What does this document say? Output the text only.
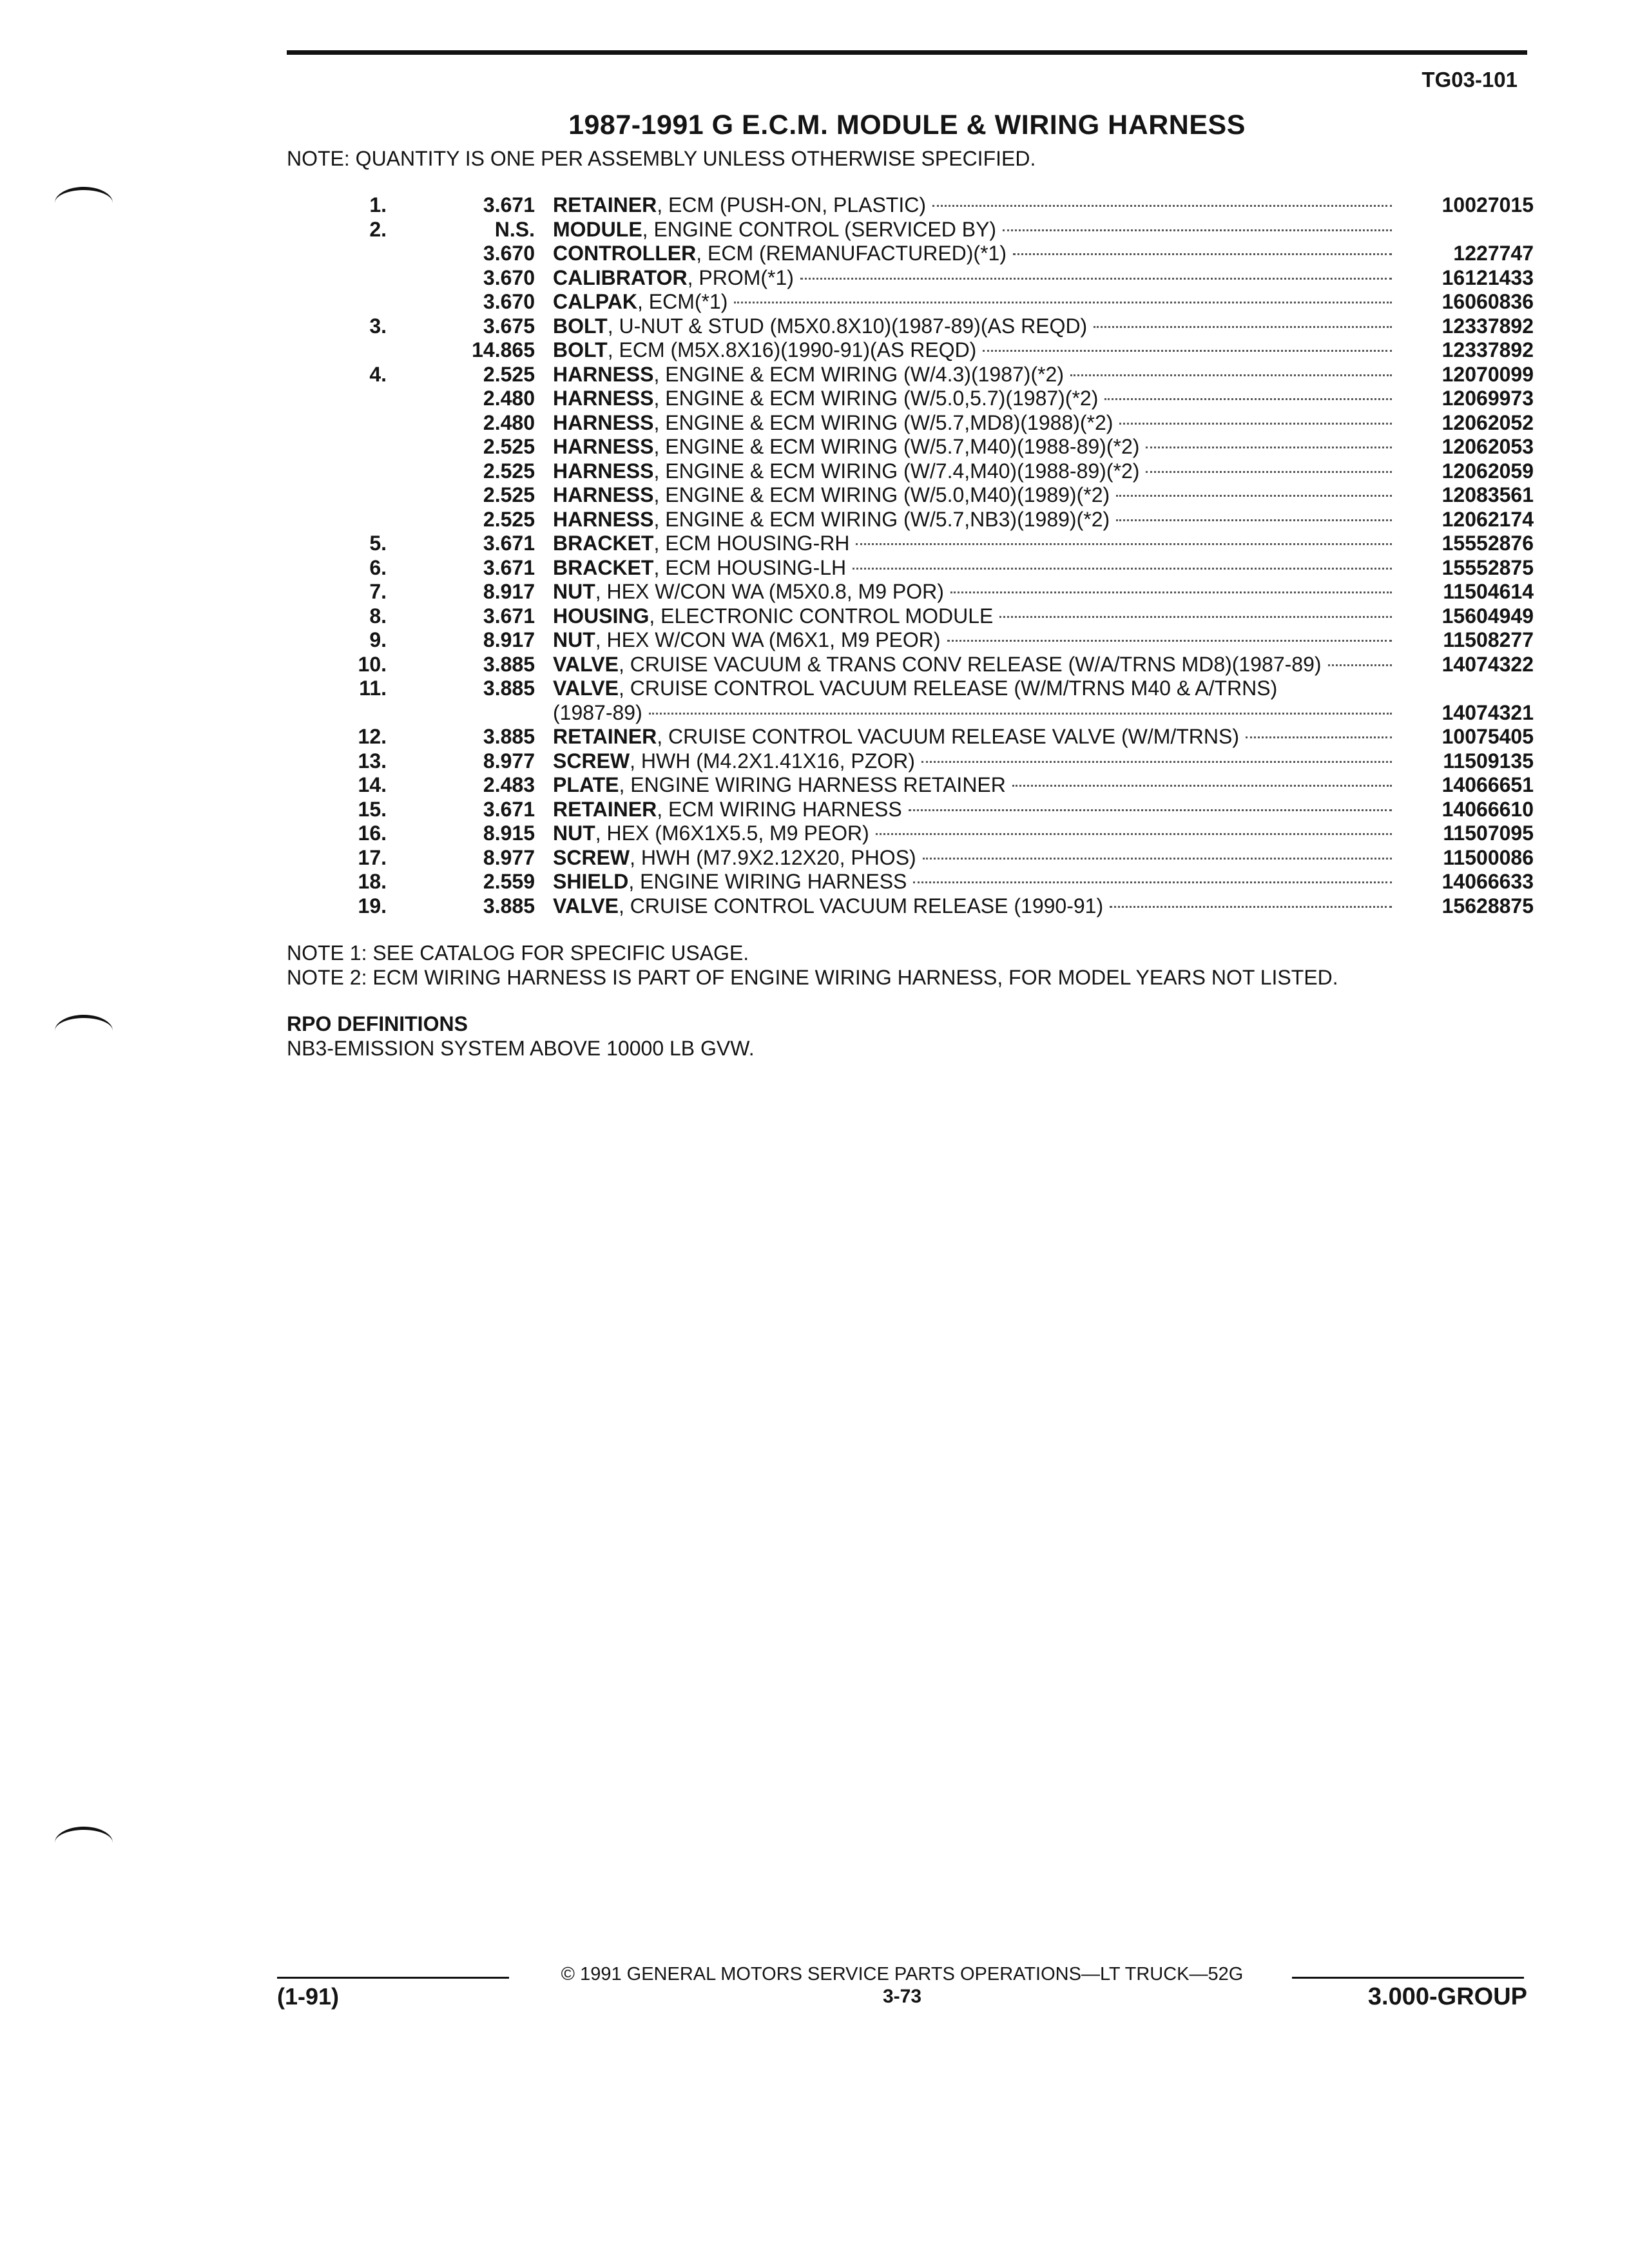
TG03-101
1987-1991 G E.C.M. MODULE & WIRING HARNESS
NOTE: QUANTITY IS ONE PER ASSEMBLY UNLESS OTHERWISE SPECIFIED.
1.	3.671 RETAINER, ECM (PUSH-ON, PLASTIC)	10027015
2.	N.S. MODULE, ENGINE CONTROL (SERVICED BY)
3.670 CONTROLLER, ECM (REMANUFACTURED)(*1)	1227747
3.670 CALIBRATOR, PROM(*1)	16121433
3.670 CALPAK, ECM(*1)	16060836
3.	3.675 BOLT, U-NUT & STUD (M5X0.8X10)(1987-89)(AS REQD)	12337892
14.865 BOLT, ECM (M5X.8X16)(1990-91)(AS REQD)	12337892
4.	2.525 HARNESS, ENGINE & ECM WIRING (W/4.3)(1987)(*2)	12070099
2.480 HARNESS, ENGINE & ECM WIRING (W/5.0,5.7)(1987)(*2)	12069973
2.480 HARNESS, ENGINE & ECM WIRING (W/5.7,MD8)(1988)(*2)	12062052
2.525 HARNESS, ENGINE & ECM WIRING (W/5.7,M40)(1988-89)(*2)	12062053
2.525 HARNESS, ENGINE & ECM WIRING (W/7.4,M40)(1988-89)(*2)	12062059
2.525 HARNESS, ENGINE & ECM WIRING (W/5.0,M40)(1989)(*2)	12083561
2.525 HARNESS, ENGINE & ECM WIRING (W/5.7,NB3)(1989)(*2)	12062174
5.	3.671 BRACKET, ECM HOUSING-RH	15552876
6.	3.671 BRACKET, ECM HOUSING-LH	15552875
7.	8.917 NUT, HEX W/CON WA (M5X0.8, M9 POR)	11504614
8.	3.671 HOUSING, ELECTRONIC CONTROL MODULE	15604949
9.	8.917 NUT, HEX W/CON WA (M6X1, M9 PEOR)	11508277
10.	3.885 VALVE, CRUISE VACUUM & TRANS CONV RELEASE (W/A/TRNS MD8)(1987-89)	14074322
11.	3.885 VALVE, CRUISE CONTROL VACUUM RELEASE (W/M/TRNS M40 & A/TRNS)
(1987-89)	14074321
12.	3.885 RETAINER, CRUISE CONTROL VACUUM RELEASE VALVE (W/M/TRNS)	10075405
13.	8.977 SCREW, HWH (M4.2X1.41X16, PZOR)	11509135
14.	2.483 PLATE, ENGINE WIRING HARNESS RETAINER	14066651
15.	3.671 RETAINER, ECM WIRING HARNESS	14066610
16.	8.915 NUT, HEX (M6X1X5.5, M9 PEOR)	11507095
17.	8.977 SCREW, HWH (M7.9X2.12X20, PHOS)	11500086
18.	2.559 SHIELD, ENGINE WIRING HARNESS	14066633
19.	3.885 VALVE, CRUISE CONTROL VACUUM RELEASE (1990-91)	15628875
NOTE 1: SEE CATALOG FOR SPECIFIC USAGE.
NOTE 2: ECM WIRING HARNESS IS PART OF ENGINE WIRING HARNESS, FOR MODEL YEARS NOT LISTED.
RPO DEFINITIONS
NB3-EMISSION SYSTEM ABOVE 10000 LB GVW.
© 1991 GENERAL MOTORS SERVICE PARTS OPERATIONS—LT TRUCK—52G
(1-91)	3-73	3.000-GROUP
